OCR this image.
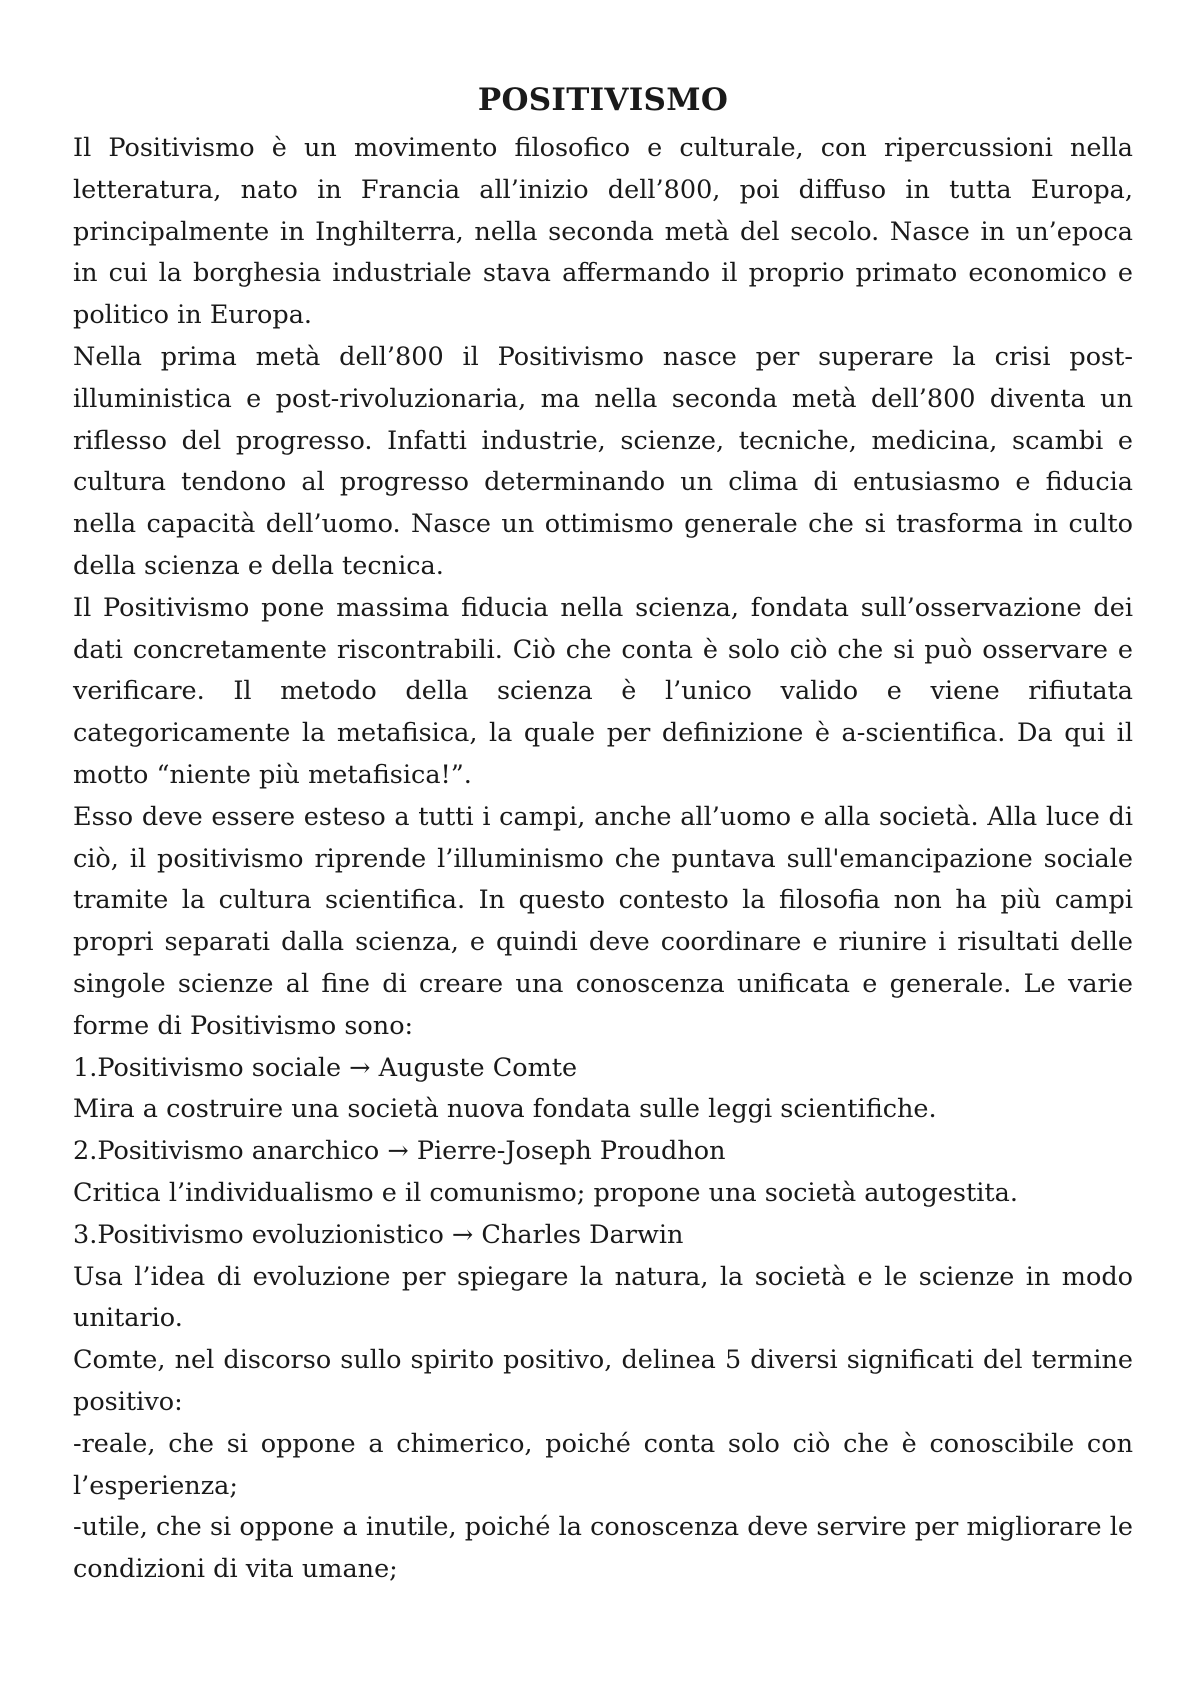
POSITIVISMO

Il Positivismo è un movimento filosofico e culturale, con ripercussioni nella letteratura, nato in Francia all’inizio dell’800, poi diffuso in tutta Europa, principalmente in Inghilterra, nella seconda metà del secolo. Nasce in un’epoca in cui la borghesia industriale stava affermando il proprio primato economico e politico in Europa.

Nella prima metà dell’800 il Positivismo nasce per superare la crisi post-illuministica e post-rivoluzionaria, ma nella seconda metà dell’800 diventa un riflesso del progresso. Infatti industrie, scienze, tecniche, medicina, scambi e cultura tendono al progresso determinando un clima di entusiasmo e fiducia nella capacità dell’uomo. Nasce un ottimismo generale che si trasforma in culto della scienza e della tecnica.

Il Positivismo pone massima fiducia nella scienza, fondata sull’osservazione dei dati concretamente riscontrabili. Ciò che conta è solo ciò che si può osservare e verificare. Il metodo della scienza è l’unico valido e viene rifiutata categoricamente la metafisica, la quale per definizione è a-scientifica. Da qui il motto “niente più metafisica!”.

Esso deve essere esteso a tutti i campi, anche all’uomo e alla società. Alla luce di ciò, il positivismo riprende l’illuminismo che puntava sull'emancipazione sociale tramite la cultura scientifica. In questo contesto la filosofia non ha più campi propri separati dalla scienza, e quindi deve coordinare e riunire i risultati delle singole scienze al fine di creare una conoscenza unificata e generale. Le varie forme di Positivismo sono:

1.Positivismo sociale → Auguste Comte

Mira a costruire una società nuova fondata sulle leggi scientifiche.

2.Positivismo anarchico → Pierre-Joseph Proudhon

Critica l’individualismo e il comunismo; propone una società autogestita.

3.Positivismo evoluzionistico → Charles Darwin

Usa l’idea di evoluzione per spiegare la natura, la società e le scienze in modo unitario.

Comte, nel discorso sullo spirito positivo, delinea 5 diversi significati del termine positivo:

-reale, che si oppone a chimerico, poiché conta solo ciò che è conoscibile con l’esperienza;

-utile, che si oppone a inutile, poiché la conoscenza deve servire per migliorare le condizioni di vita umane;
